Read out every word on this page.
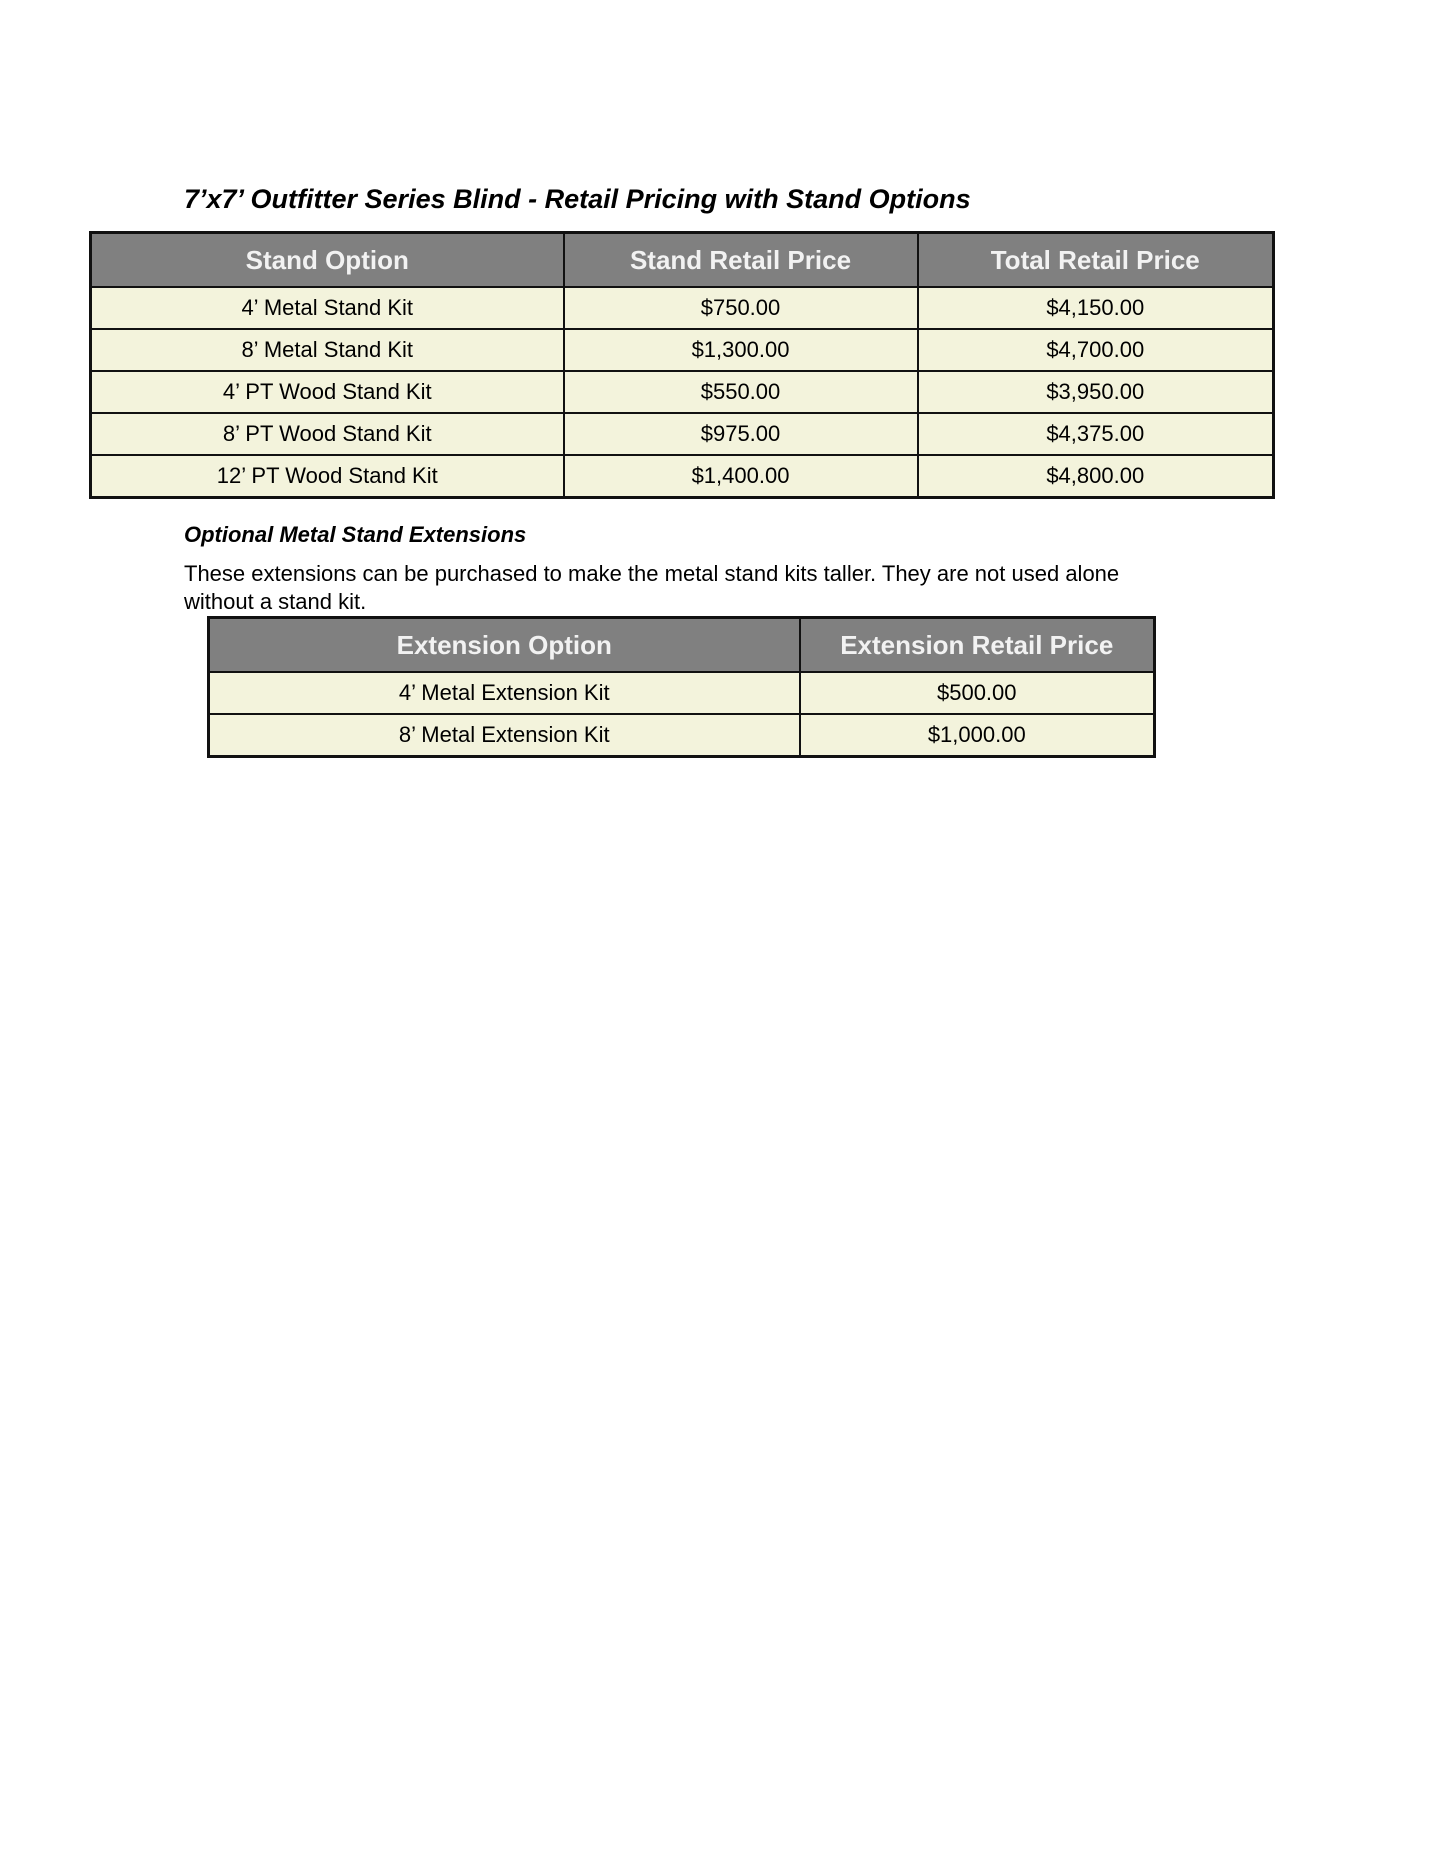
7’x7’ Outfitter Series Blind - Retail Pricing with Stand Options
Stand Option	Stand Retail Price	Total Retail Price
4’ Metal Stand Kit	$750.00	$4,150.00
8’ Metal Stand Kit	$1,300.00	$4,700.00
4’ PT Wood Stand Kit	$550.00	$3,950.00
8’ PT Wood Stand Kit	$975.00	$4,375.00
12’ PT Wood Stand Kit	$1,400.00	$4,800.00
Optional Metal Stand Extensions
These extensions can be purchased to make the metal stand kits taller. They are not used alone without a stand kit.
Extension Option	Extension Retail Price
4’ Metal Extension Kit	$500.00
8’ Metal Extension Kit	$1,000.00
